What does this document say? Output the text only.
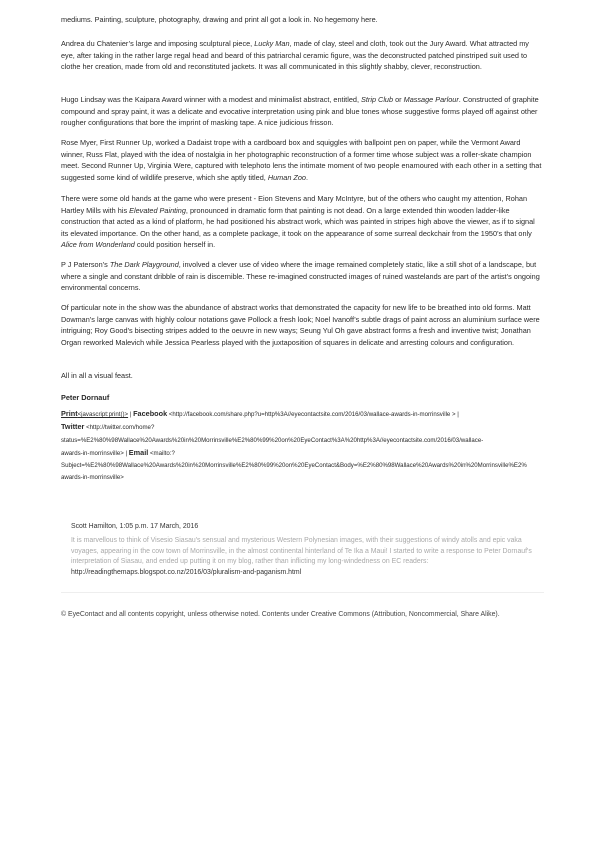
mediums. Painting, sculpture, photography, drawing and print all got a look in. No hegemony here.

Andrea du Chatenier’s large and imposing sculptural piece, Lucky Man, made of clay, steel and cloth, took out the Jury Award. What attracted my eye, after taking in the rather large regal head and beard of this patriarchal ceramic figure, was the deconstructed patched pinstriped suit used to clothe her creation, made from old and reconstituted jackets. It was all communicated in this slightly shabby, clever, reconstruction.

Hugo Lindsay was the Kaipara Award winner with a modest and minimalist abstract, entitled, Strip Club or Massage Parlour. Constructed of graphite compound and spray paint, it was a delicate and evocative interpretation using pink and blue tones whose suggestive forms played off against other rougher configurations that bore the imprint of masking tape. A nice judicious frisson.

Rose Myer, First Runner Up, worked a Dadaist trope with a cardboard box and squiggles with ballpoint pen on paper, while the Vermont Award winner, Russ Flat, played with the idea of nostalgia in her photographic reconstruction of a former time whose subject was a roller-skate champion meet. Second Runner Up, Virginia Were, captured with telephoto lens the intimate moment of two people enamoured with each other in a setting that suggested some kind of wildlife preserve, which she aptly titled, Human Zoo.

There were some old hands at the game who were present - Eion Stevens and Mary McIntyre, but of the others who caught my attention, Rohan Hartley Mills with his Elevated Painting, pronounced in dramatic form that painting is not dead. On a large extended thin wooden ladder-like construction that acted as a kind of platform, he had positioned his abstract work, which was painted in stripes high above the viewer, as if to signal its elevated importance. On the other hand, as a complete package, it took on the appearance of some surreal deckchair from the 1950’s that only Alice from Wonderland could position herself in.

P J Paterson’s The Dark Playground, involved a clever use of video where the image remained completely static, like a still shot of a landscape, but where a single and constant dribble of rain is discernible. These re-imagined constructed images of ruined wastelands are part of the artist’s ongoing environmental concerns.

Of particular note in the show was the abundance of abstract works that demonstrated the capacity for new life to be breathed into old forms. Matt Dowman’s large canvas with highly colour notations gave Pollock a fresh look; Noel Ivanoff’s subtle drags of paint across an aluminium surface were intriguing; Roy Good’s bisecting stripes added to the oeuvre in new ways; Seung Yul Oh gave abstract forms a fresh and inventive twist; Jonathan Organ reworked Malevich while Jessica Pearless played with the juxtaposition of squares in delicate and arresting colours and configuration.

All in all a visual feast.

Peter Dornauf

Print<javascript:print()> | Facebook <http://facebook.com/share.php?u=http%3A//eyecontactsite.com/2016/03/wallace-awards-in-morrinsville > |
Twitter <http://twitter.com/home?
status=%E2%80%98Wallace%20Awards%20in%20Morrinsville%E2%80%99%20on%20EyeContact%3A%20http%3A//eyecontactsite.com/2016/03/wallace-
awards-in-morrinsville> | Email <mailto:?
Subject=%E2%80%98Wallace%20Awards%20in%20Morrinsville%E2%80%99%20on%20EyeContact&Body=%E2%80%98Wallace%20Awards%20in%20Morrinsville%E2%
awards-in-morrinsville>
Scott Hamilton, 1:05 p.m. 17 March, 2016
It is marvellous to think of Visesio Siasau's sensual and mysterious Western Polynesian images, with their suggestions of windy atolls and epic vaka voyages, appearing in the cow town of Morrinsville, in the almost continental hinterland of Te Ika a Maui! I started to write a response to Peter Dornauf's interpretation of Siasau, and ended up putting it on my blog, rather than inflicting my long-windedness on EC readers:
http://readingthemaps.blogspot.co.nz/2016/03/pluralism-and-paganism.html
© EyeContact and all contents copyright, unless otherwise noted. Contents under Creative Commons (Attribution, Noncommercial, Share Alike).
